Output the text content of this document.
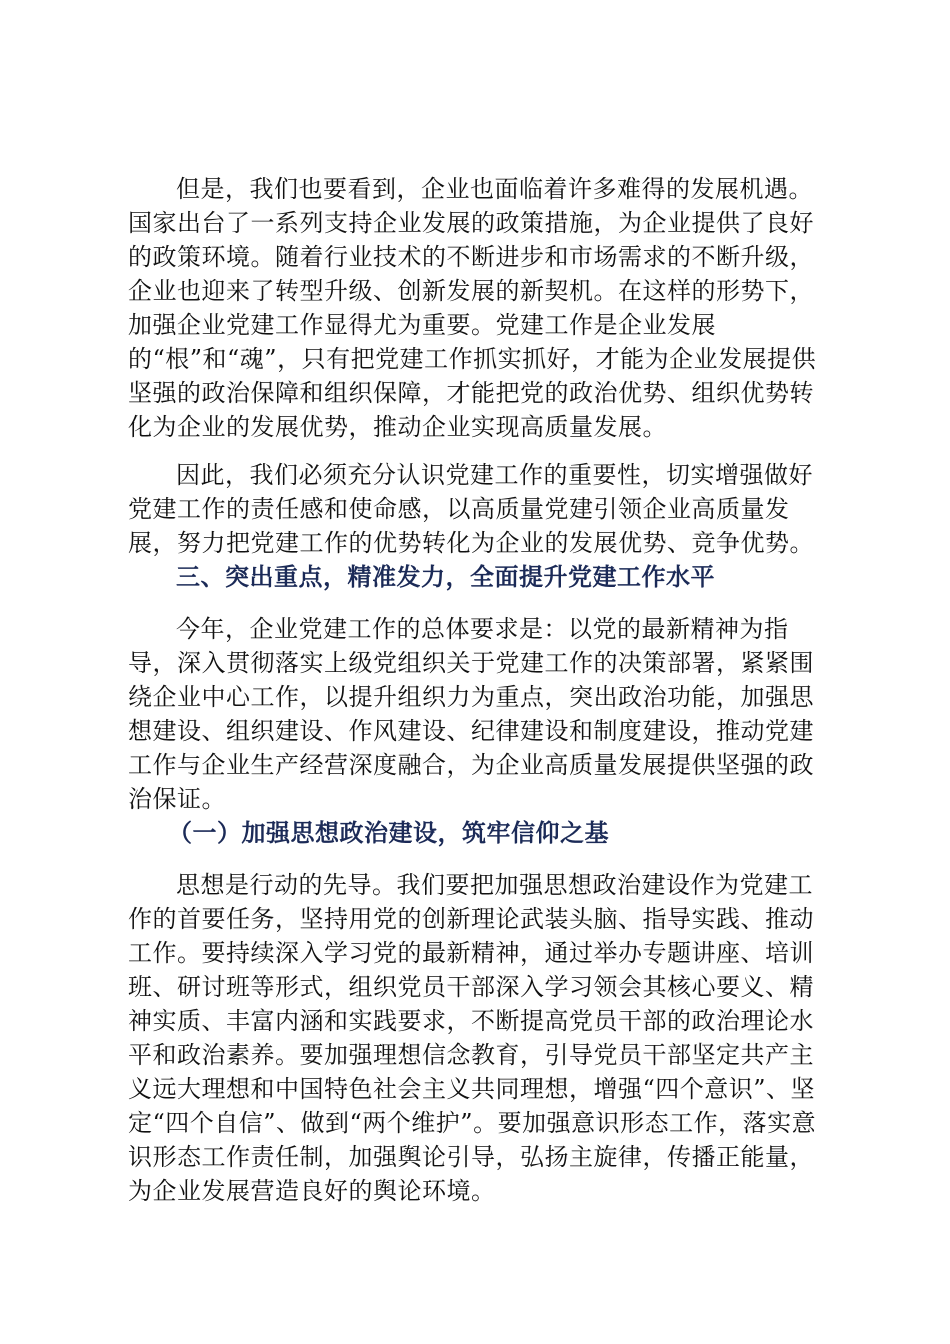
但是，我们也要看到，企业也面临着许多难得的发展机遇。国家出台了一系列支持企业发展的政策措施，为企业提供了良好的政策环境。随着行业技术的不断进步和市场需求的不断升级，企业也迎来了转型升级、创新发展的新契机。在这样的形势下，加强企业党建工作显得尤为重要。党建工作是企业发展的“根”和“魂”，只有把党建工作抓实抓好，才能为企业发展提供坚强的政治保障和组织保障，才能把党的政治优势、组织优势转化为企业的发展优势，推动企业实现高质量发展。

因此，我们必须充分认识党建工作的重要性，切实增强做好党建工作的责任感和使命感，以高质量党建引领企业高质量发展，努力把党建工作的优势转化为企业的发展优势、竞争优势。

三、突出重点，精准发力，全面提升党建工作水平

今年，企业党建工作的总体要求是：以党的最新精神为指导，深入贯彻落实上级党组织关于党建工作的决策部署，紧紧围绕企业中心工作，以提升组织力为重点，突出政治功能，加强思想建设、组织建设、作风建设、纪律建设和制度建设，推动党建工作与企业生产经营深度融合，为企业高质量发展提供坚强的政治保证。

（一）加强思想政治建设，筑牢信仰之基

思想是行动的先导。我们要把加强思想政治建设作为党建工作的首要任务，坚持用党的创新理论武装头脑、指导实践、推动工作。要持续深入学习党的最新精神，通过举办专题讲座、培训班、研讨班等形式，组织党员干部深入学习领会其核心要义、精神实质、丰富内涵和实践要求，不断提高党员干部的政治理论水平和政治素养。要加强理想信念教育，引导党员干部坚定共产主义远大理想和中国特色社会主义共同理想，增强“四个意识”、坚定“四个自信”、做到“两个维护”。要加强意识形态工作，落实意识形态工作责任制，加强舆论引导，弘扬主旋律，传播正能量，为企业发展营造良好的舆论环境。
